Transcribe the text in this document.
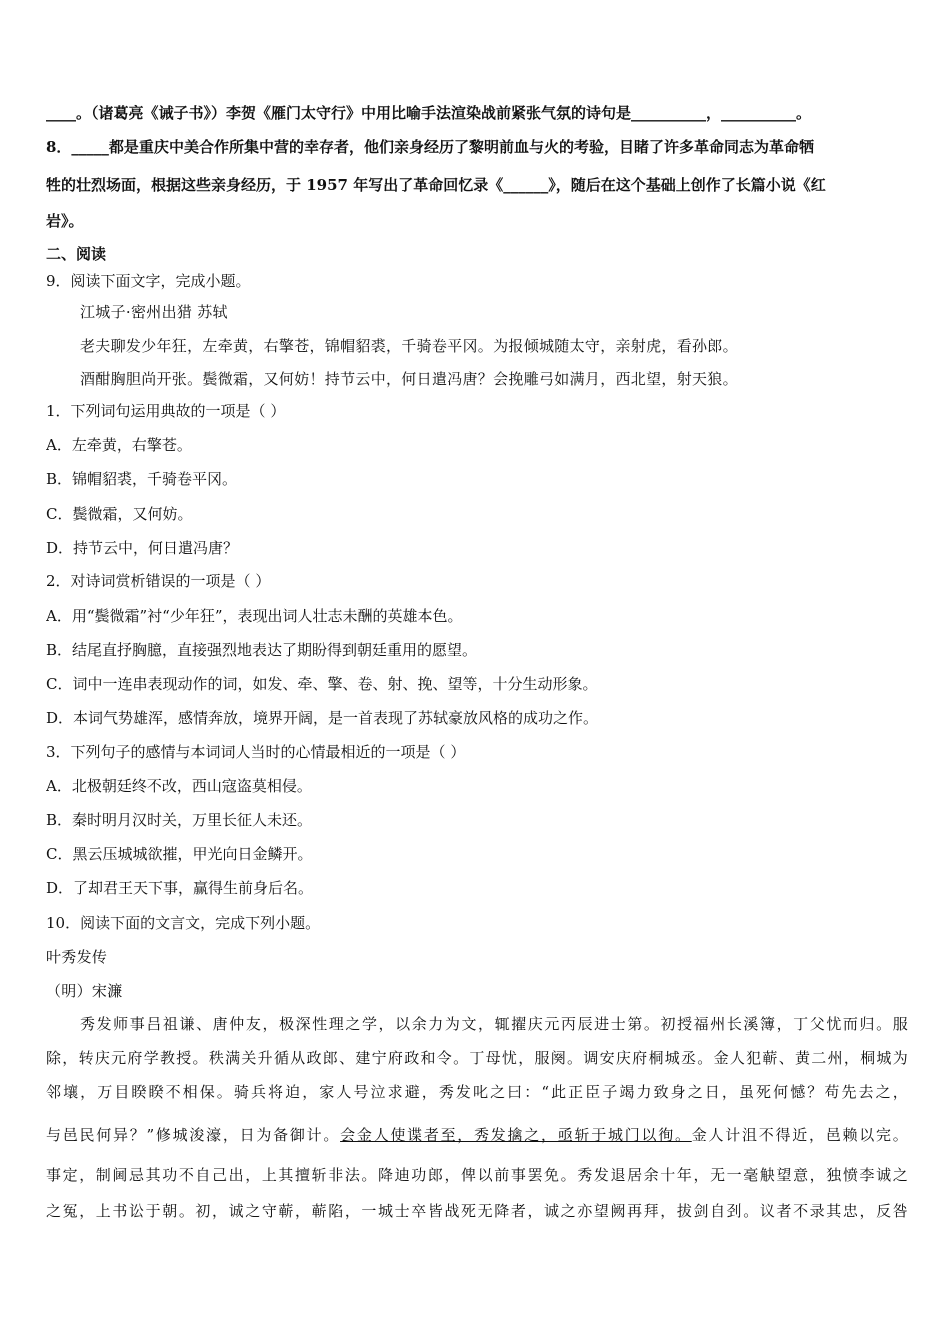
____。（诸葛亮《诫子书》）李贺《雁门太守行》中用比喻手法渲染战前紧张气氛的诗句是__________，__________。
8．_____都是重庆中美合作所集中营的幸存者，他们亲身经历了黎明前血与火的考验，目睹了许多革命同志为革命牺
牲的壮烈场面，根据这些亲身经历，于 1957 年写出了革命回忆录《______》，随后在这个基础上创作了长篇小说《红
岩》。
二、阅读
9．阅读下面文字，完成小题。
江城子·密州出猎 苏轼
老夫聊发少年狂，左牵黄，右擎苍，锦帽貂裘，千骑卷平冈。为报倾城随太守，亲射虎，看孙郎。
酒酣胸胆尚开张。鬓微霜，又何妨！持节云中，何日遣冯唐？会挽雕弓如满月，西北望，射天狼。
1．下列词句运用典故的一项是（ ）
A．左牵黄，右擎苍。
B．锦帽貂裘，千骑卷平冈。
C．鬓微霜，又何妨。
D．持节云中，何日遣冯唐？
2．对诗词赏析错误的一项是（ ）
A．用“鬓微霜”衬“少年狂”，表现出词人壮志未酬的英雄本色。
B．结尾直抒胸臆，直接强烈地表达了期盼得到朝廷重用的愿望。
C．词中一连串表现动作的词，如发、牵、擎、卷、射、挽、望等，十分生动形象。
D．本词气势雄浑，感情奔放，境界开阔，是一首表现了苏轼豪放风格的成功之作。
3．下列句子的感情与本词词人当时的心情最相近的一项是（ ）
A．北极朝廷终不改，西山寇盗莫相侵。
B．秦时明月汉时关，万里长征人未还。
C．黑云压城城欲摧，甲光向日金鳞开。
D．了却君王天下事，赢得生前身后名。
10．阅读下面的文言文，完成下列小题。
叶秀发传
（明）宋濂
秀发师事吕祖谦、唐仲友，极深性理之学，以余力为文，辄擢庆元丙辰进士第。初授福州长溪簿，丁父忧而归。服
除，转庆元府学教授。秩满关升循从政郎、建宁府政和令。丁母忧，服阕。调安庆府桐城丞。金人犯蕲、黄二州，桐城为
邻壤，万目睽睽不相保。骑兵将迫，家人号泣求避，秀发叱之曰：“此正臣子竭力致身之日，虽死何憾？苟先去之，
与邑民何异？”修城浚濠，日为备御计。会金人使谍者至，秀发擒之，亟斩于城门以徇。金人计沮不得近，邑赖以完。
事定，制阃忌其功不自己出，上其擅斩非法。降迪功郎，俾以前事罢免。秀发退居余十年，无一毫觖望意，独愤李诚之
之冤，上书讼于朝。初，诚之守蕲，蕲陷，一城士卒皆战死无降者，诚之亦望阙再拜，拔剑自刭。议者不录其忠，反咎
